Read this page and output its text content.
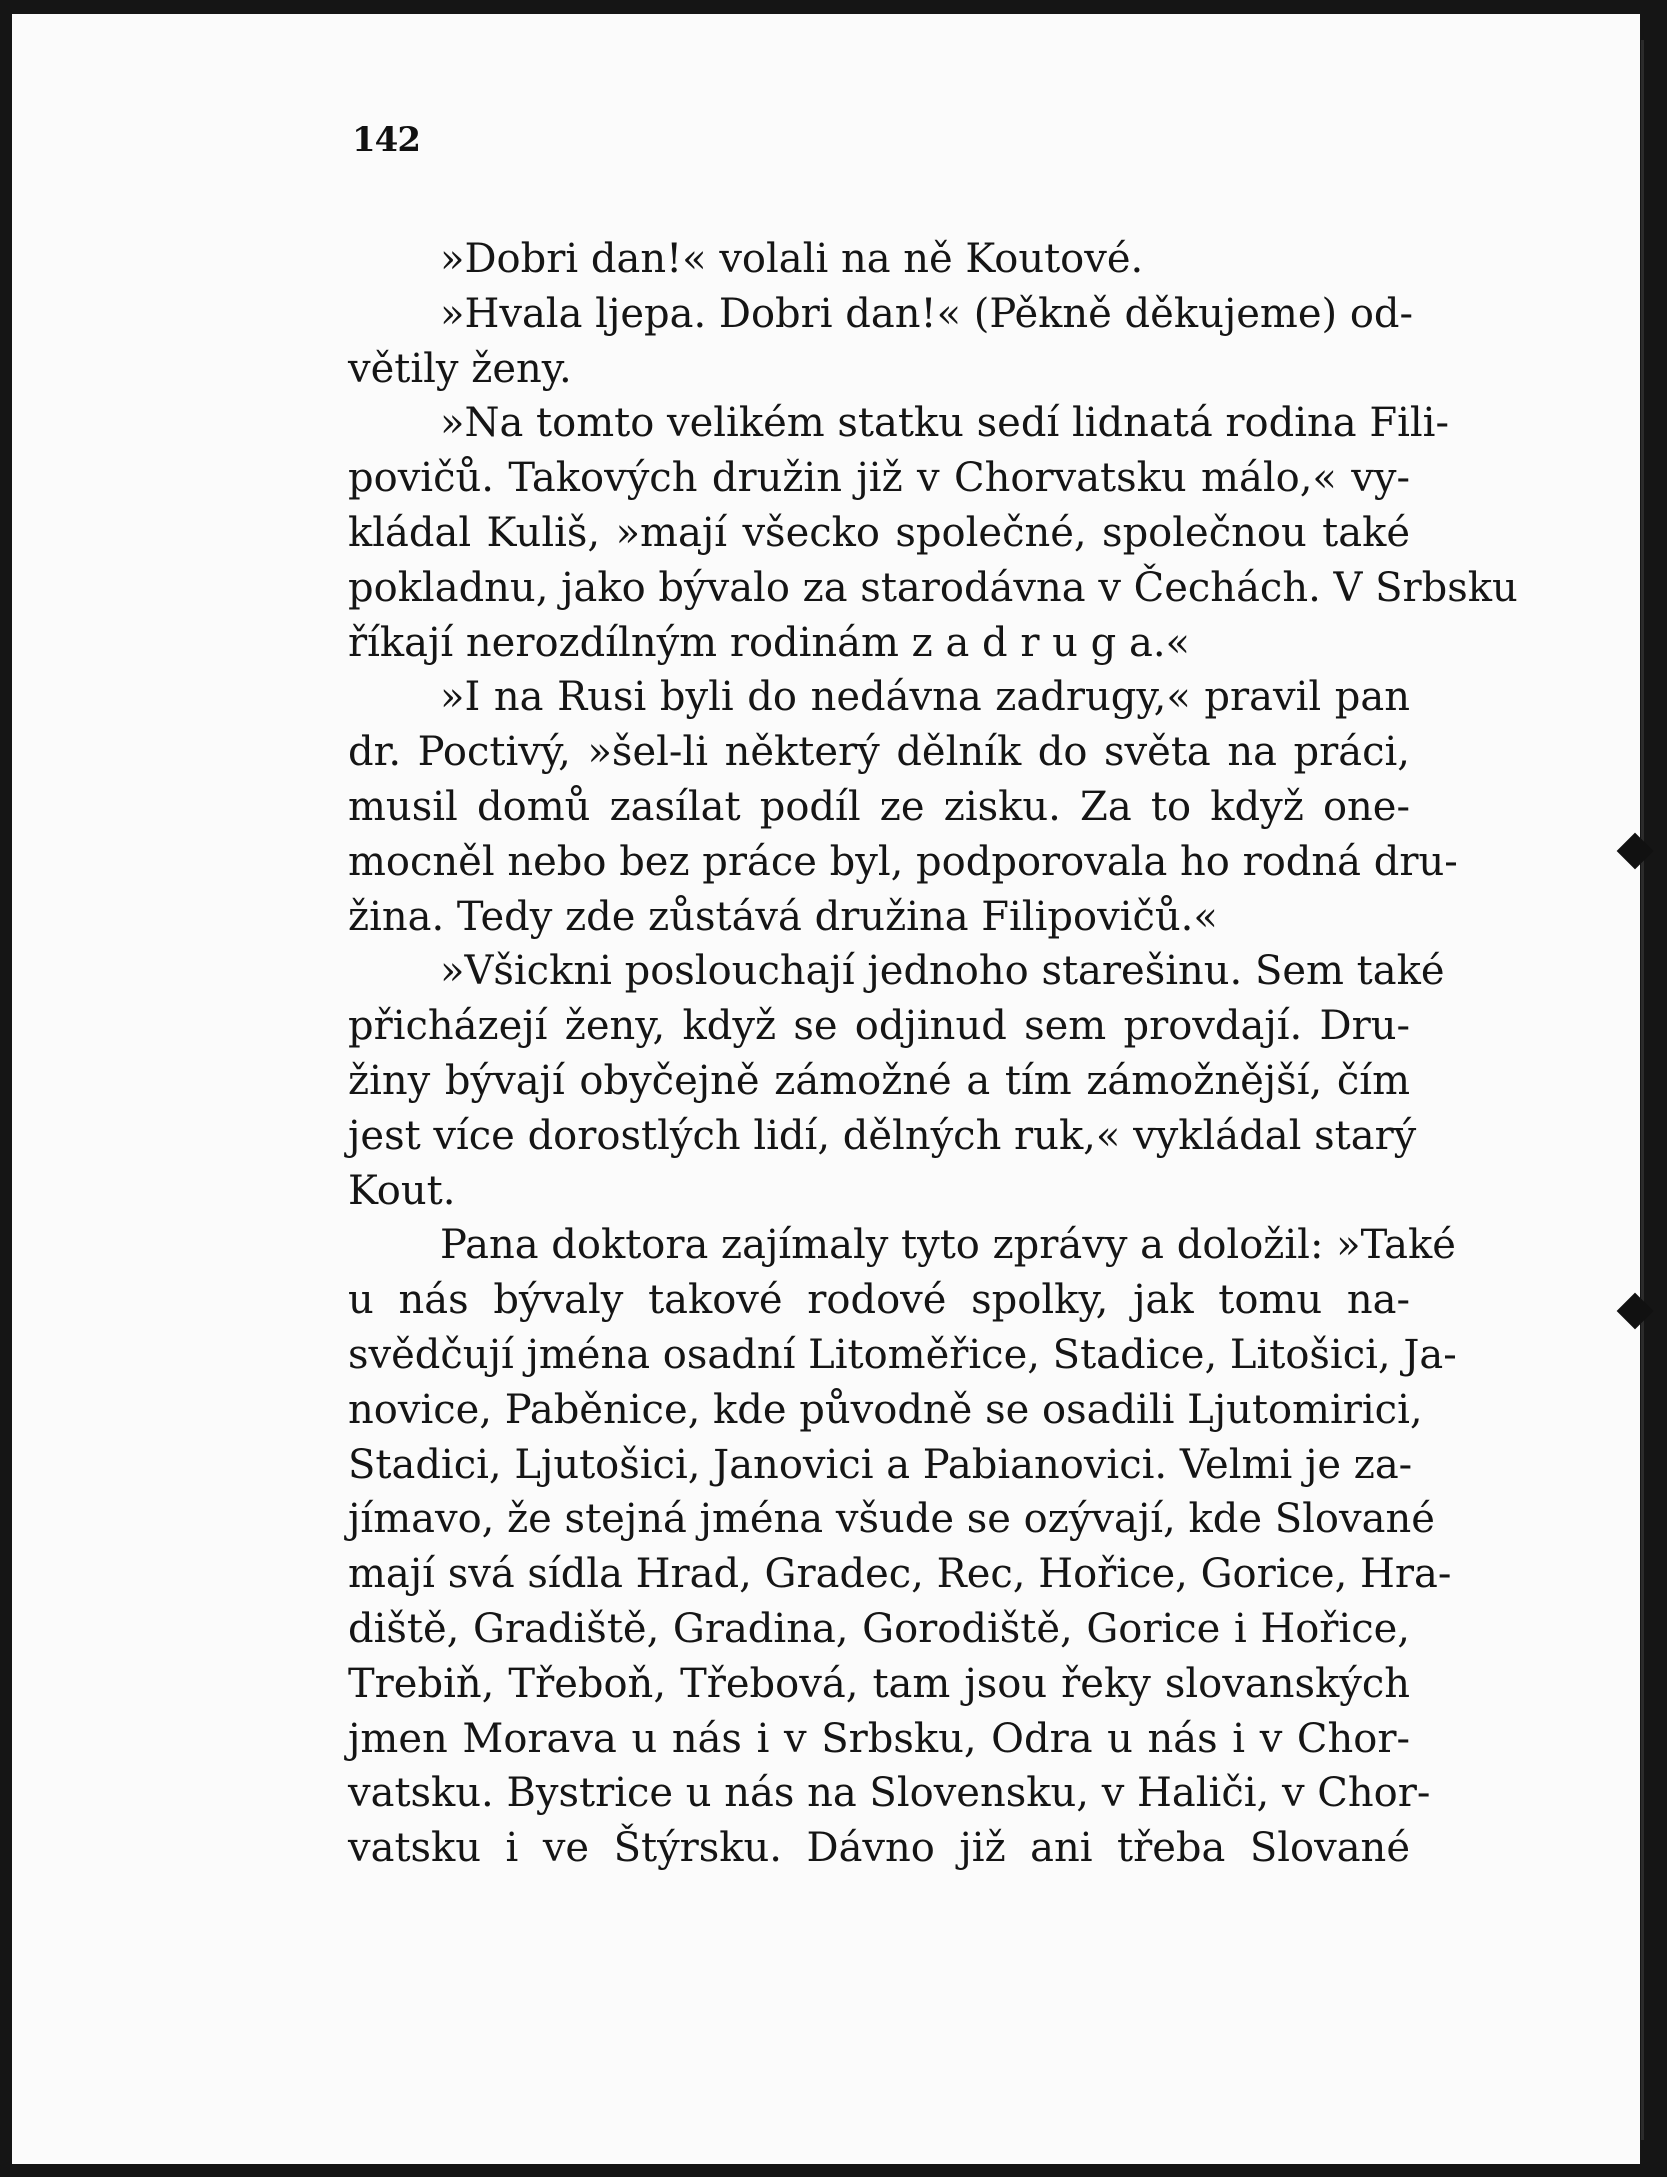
142
»Dobri dan!« volali na ně Koutové.
»Hvala ljepa. Dobri dan!« (Pěkně děkujeme) od-
větily ženy.
»Na tomto velikém statku sedí lidnatá rodina Fili-
povičů. Takových družin již v Chorvatsku málo,« vy-
kládal Kuliš, »mají všecko společné, společnou také
pokladnu, jako bývalo za starodávna v Čechách. V Srbsku
říkají nerozdílným rodinám z a d r u g a.«
»I na Rusi byli do nedávna zadrugy,« pravil pan
dr. Poctivý, »šel-li některý dělník do světa na práci,
musil domů zasílat podíl ze zisku. Za to když one-
mocněl nebo bez práce byl, podporovala ho rodná dru-
žina. Tedy zde zůstává družina Filipovičů.«
»Všickni poslouchají jednoho starešinu. Sem také
přicházejí ženy, když se odjinud sem provdají. Dru-
žiny bývají obyčejně zámožné a tím zámožnější, čím
jest více dorostlých lidí, dělných ruk,« vykládal starý
Kout.
Pana doktora zajímaly tyto zprávy a doložil: »Také
u nás bývaly takové rodové spolky, jak tomu na-
svědčují jména osadní Litoměřice, Stadice, Litošici, Ja-
novice, Paběnice, kde původně se osadili Ljutomirici,
Stadici, Ljutošici, Janovici a Pabianovici. Velmi je za-
jímavo, že stejná jména všude se ozývají, kde Slované
mají svá sídla Hrad, Gradec, Rec, Hořice, Gorice, Hra-
diště, Gradiště, Gradina, Gorodiště, Gorice i Hořice,
Trebiň, Třeboň, Třebová, tam jsou řeky slovanských
jmen Morava u nás i v Srbsku, Odra u nás i v Chor-
vatsku. Bystrice u nás na Slovensku, v Haliči, v Chor-
vatsku i ve Štýrsku. Dávno již ani třeba Slované
